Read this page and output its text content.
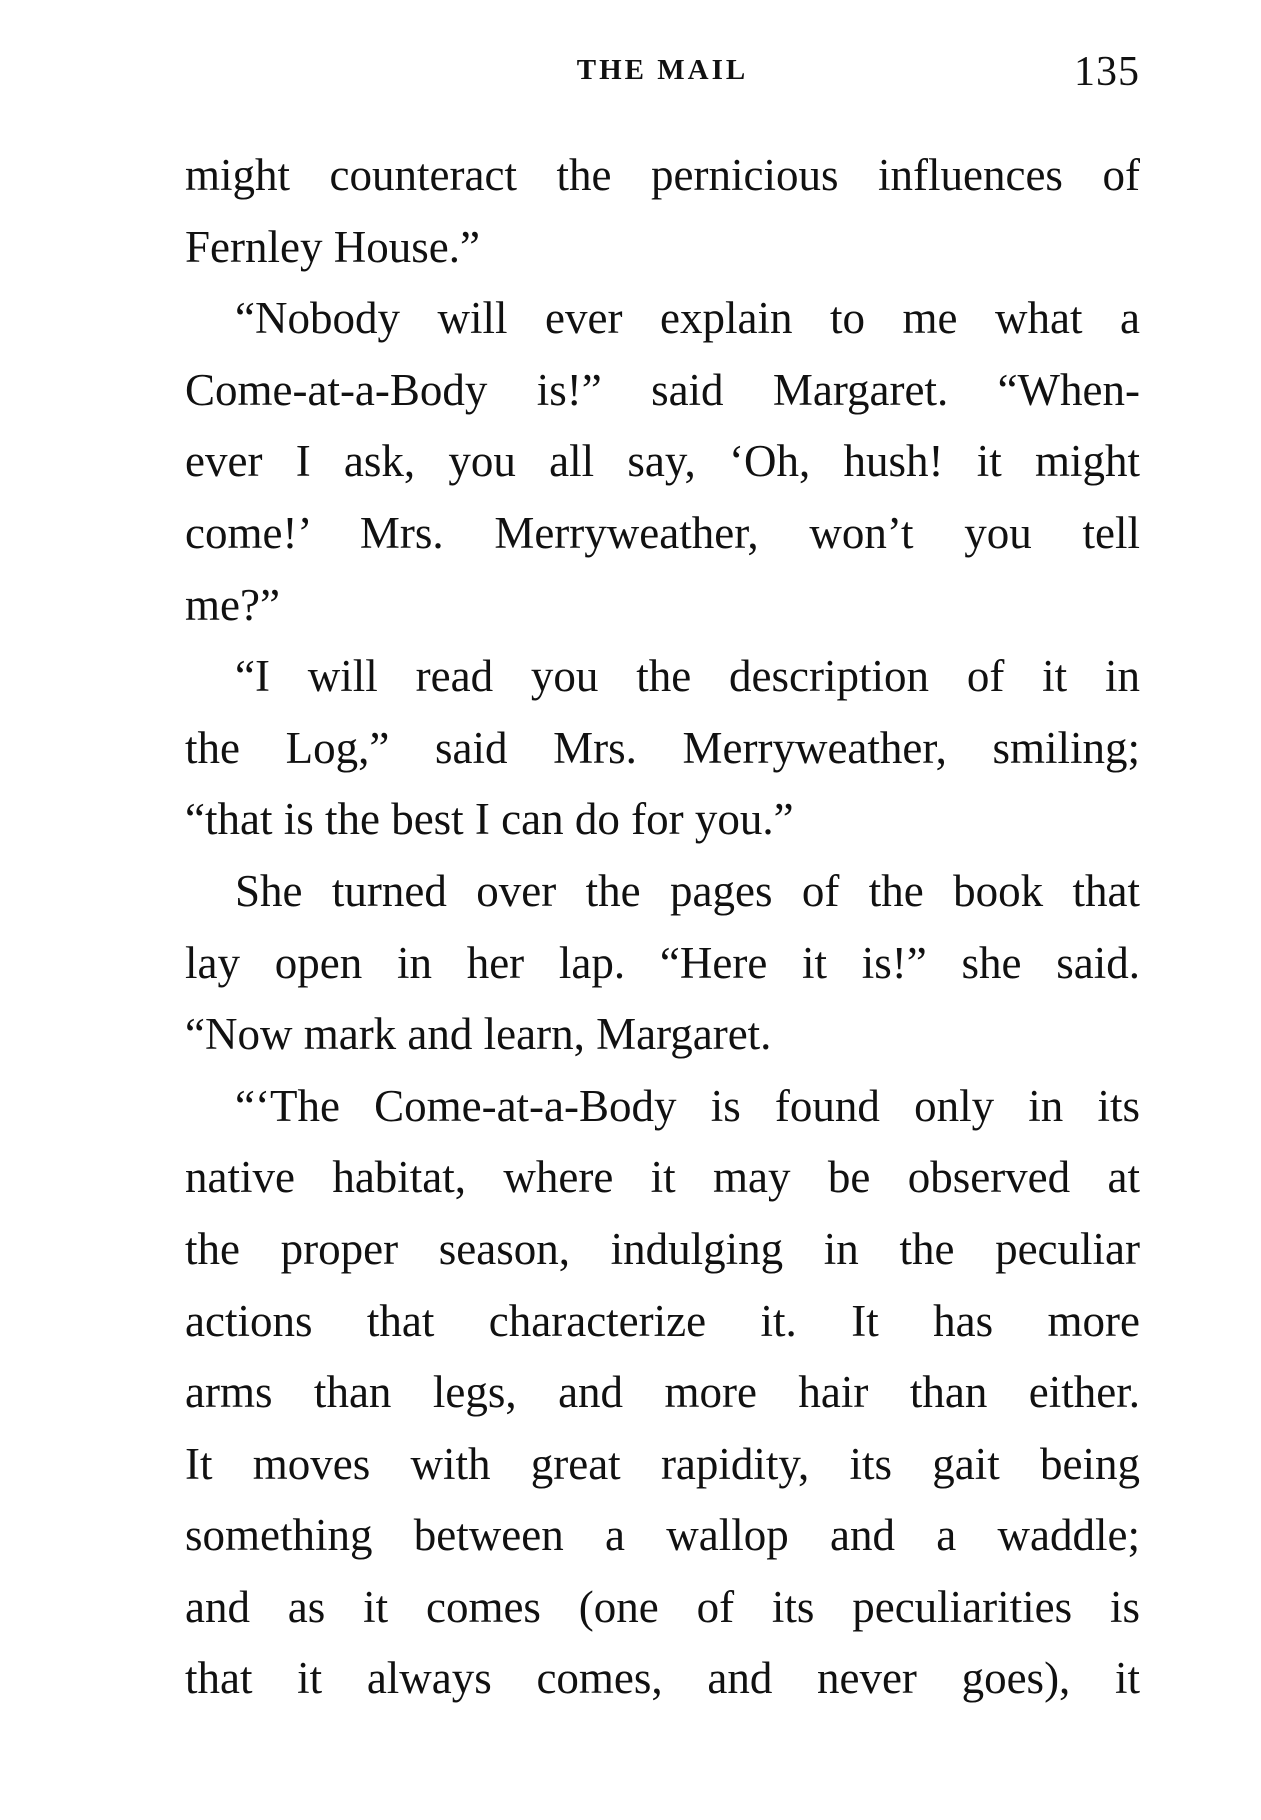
THE MAIL	135
might counteract the pernicious influences of
Fernley House.”
“Nobody will ever explain to me what a
Come-at-a-Body is!” said Margaret. “When-
ever I ask, you all say, ‘Oh, hush! it might
come!’ Mrs. Merryweather, won’t you tell
me?”
“I will read you the description of it in
the Log,” said Mrs. Merryweather, smiling;
“that is the best I can do for you.”
She turned over the pages of the book that
lay open in her lap. “Here it is!” she said.
“Now mark and learn, Margaret.
“‘The Come-at-a-Body is found only in its
native habitat, where it may be observed at
the proper season, indulging in the peculiar
actions that characterize it. It has more
arms than legs, and more hair than either.
It moves with great rapidity, its gait being
something between a wallop and a waddle;
and as it comes (one of its peculiarities is
that it always comes, and never goes), it
